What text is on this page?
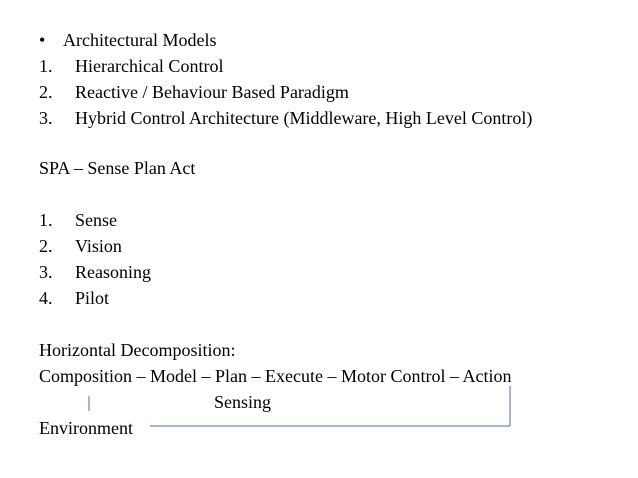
• Architectural Models
1. Hierarchical Control
2. Reactive / Behaviour Based Paradigm
3. Hybrid Control Architecture (Middleware, High Level Control)
SPA – Sense Plan Act
1. Sense
2. Vision
3. Reasoning
4. Pilot
Horizontal Decomposition:
Composition – Model – Plan – Execute – Motor Control – Action
Sensing
Environment
